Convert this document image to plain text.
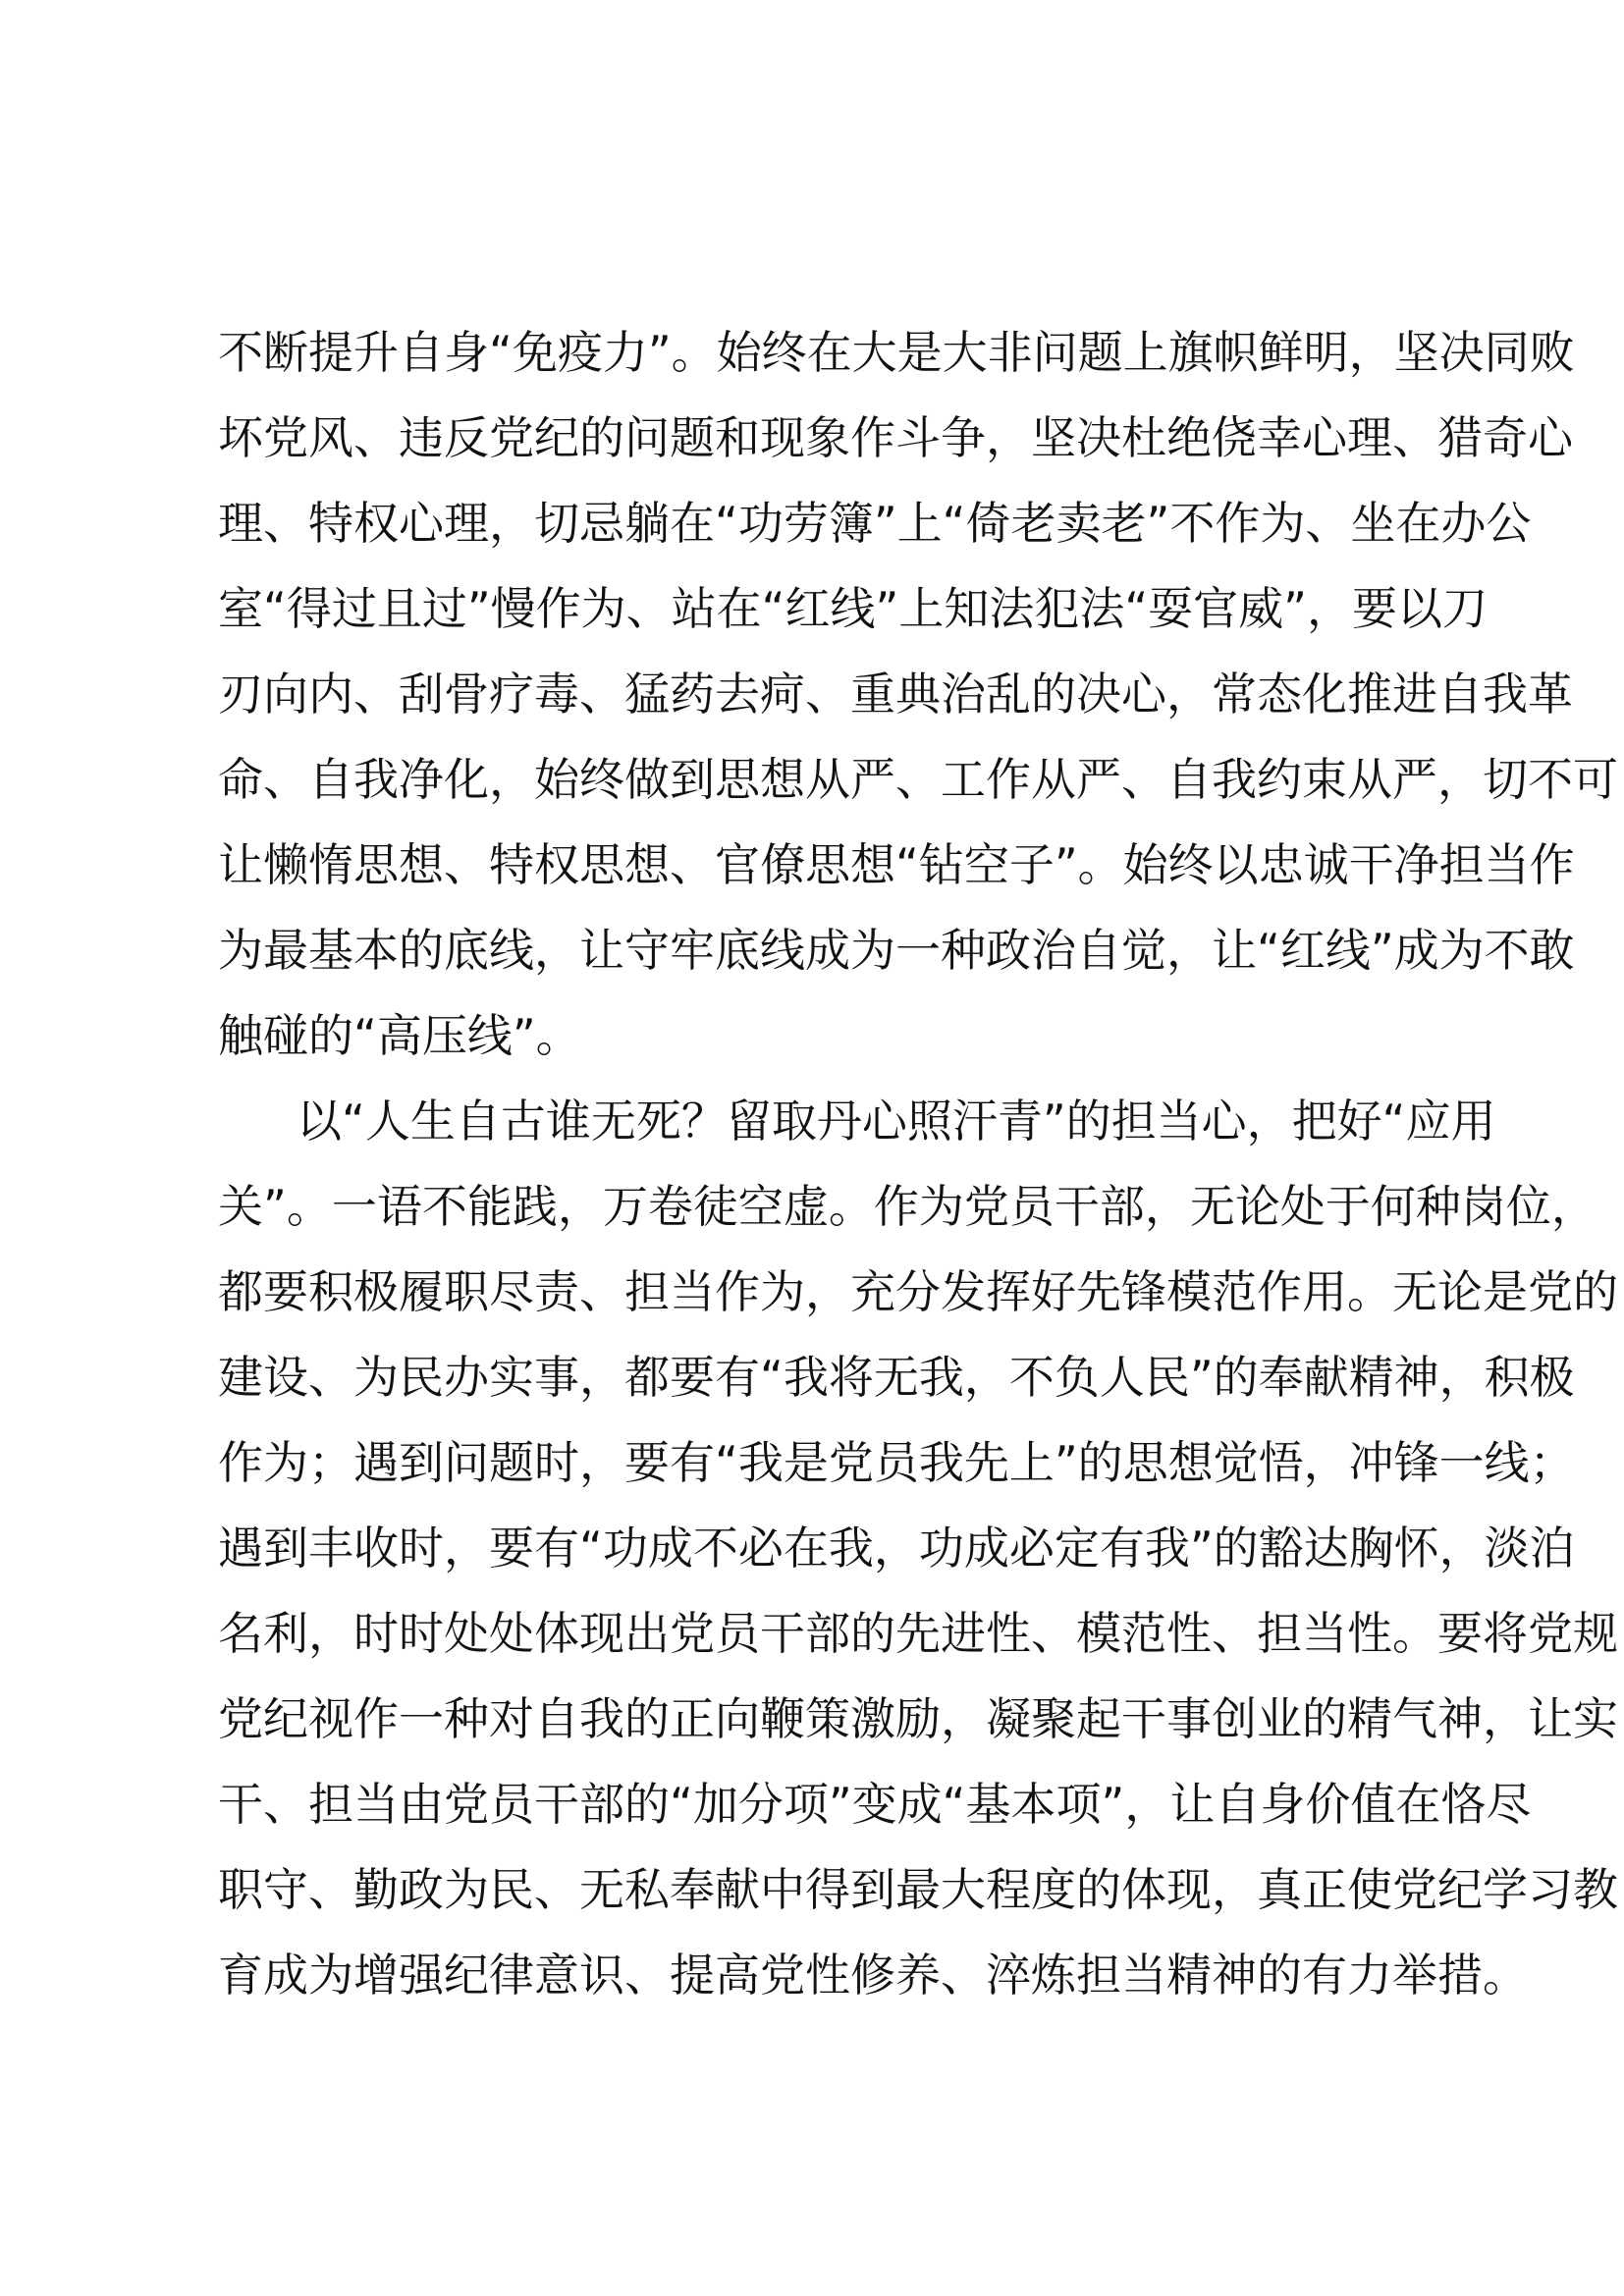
不断提升自身“免疫力”。始终在大是大非问题上旗帜鲜明，坚决同败
坏党风、违反党纪的问题和现象作斗争，坚决杜绝侥幸心理、猎奇心
理、特权心理，切忌躺在“功劳簿”上“倚老卖老”不作为、坐在办公
室“得过且过”慢作为、站在“红线”上知法犯法“耍官威”，要以刀
刃向内、刮骨疗毒、猛药去疴、重典治乱的决心，常态化推进自我革
命、自我净化，始终做到思想从严、工作从严、自我约束从严，切不可
让懒惰思想、特权思想、官僚思想“钻空子”。始终以忠诚干净担当作
为最基本的底线，让守牢底线成为一种政治自觉，让“红线”成为不敢
触碰的“高压线”。
以“人生自古谁无死？留取丹心照汗青”的担当心，把好“应用
关”。一语不能践，万卷徒空虚。作为党员干部，无论处于何种岗位，
都要积极履职尽责、担当作为，充分发挥好先锋模范作用。无论是党的
建设、为民办实事，都要有“我将无我，不负人民”的奉献精神，积极
作为；遇到问题时，要有“我是党员我先上”的思想觉悟，冲锋一线；
遇到丰收时，要有“功成不必在我，功成必定有我”的豁达胸怀，淡泊
名利，时时处处体现出党员干部的先进性、模范性、担当性。要将党规
党纪视作一种对自我的正向鞭策激励，凝聚起干事创业的精气神，让实
干、担当由党员干部的“加分项”变成“基本项”，让自身价值在恪尽
职守、勤政为民、无私奉献中得到最大程度的体现，真正使党纪学习教
育成为增强纪律意识、提高党性修养、淬炼担当精神的有力举措。
